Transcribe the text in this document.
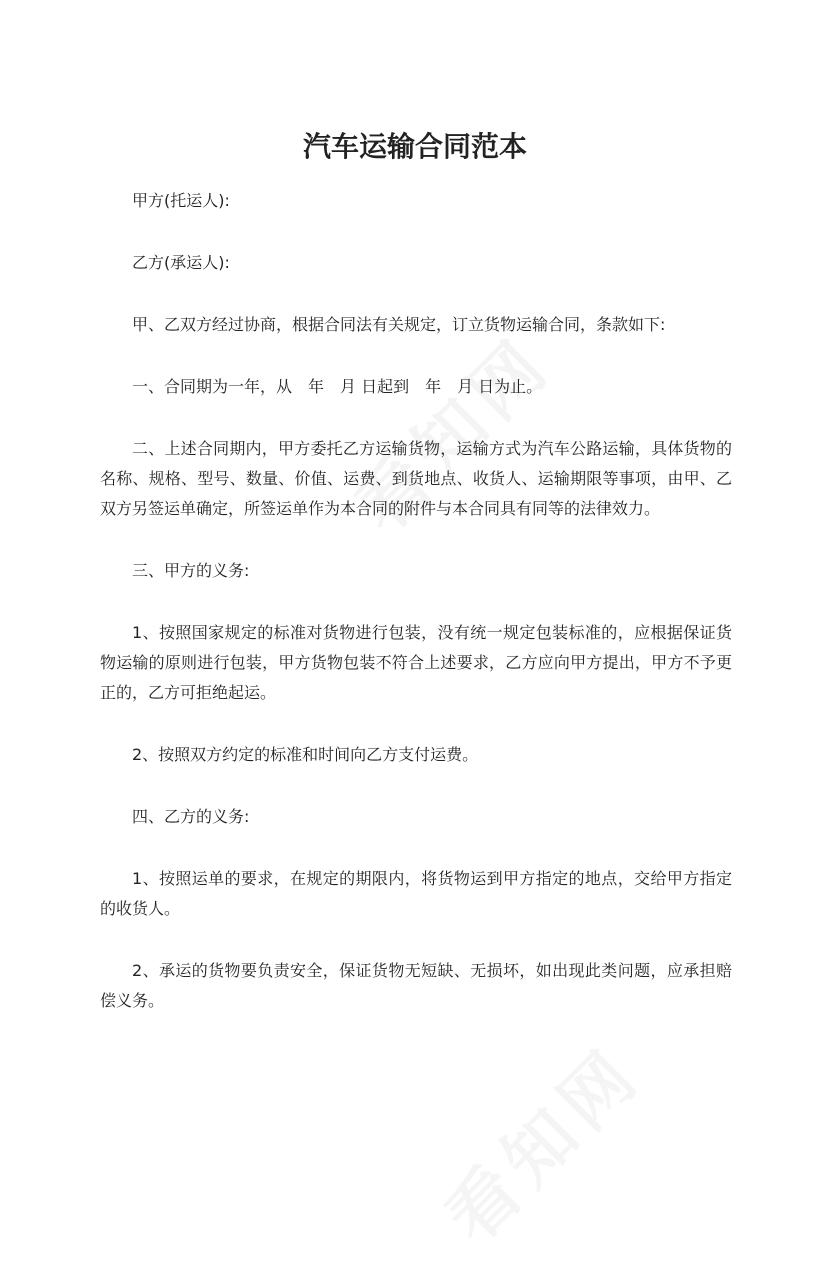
汽车运输合同范本

甲方(托运人):

乙方(承运人):

甲、乙双方经过协商，根据合同法有关规定，订立货物运输合同，条款如下:

一、合同期为一年，从　年　月 日起到　年　月 日为止。

二、上述合同期内，甲方委托乙方运输货物，运输方式为汽车公路运输，具体货物的名称、规格、型号、数量、价值、运费、到货地点、收货人、运输期限等事项，由甲、乙双方另签运单确定，所签运单作为本合同的附件与本合同具有同等的法律效力。

三、甲方的义务:

1、按照国家规定的标准对货物进行包装，没有统一规定包装标准的，应根据保证货物运输的原则进行包装，甲方货物包装不符合上述要求，乙方应向甲方提出，甲方不予更正的，乙方可拒绝起运。

2、按照双方约定的标准和时间向乙方支付运费。

四、乙方的义务:

1、按照运单的要求，在规定的期限内，将货物运到甲方指定的地点，交给甲方指定的收货人。

2、承运的货物要负责安全，保证货物无短缺、无损坏，如出现此类问题，应承担赔偿义务。
